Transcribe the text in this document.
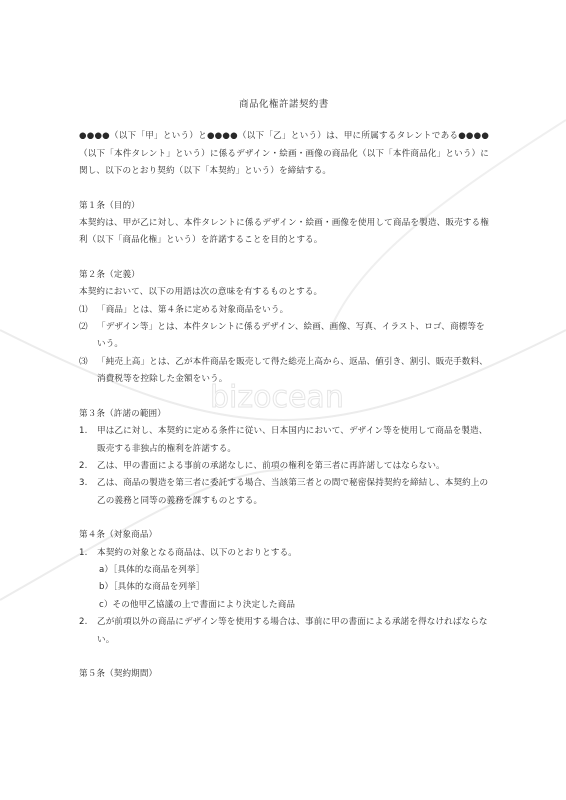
bizocean
商品化権許諾契約書

●●●●（以下「甲」という）と●●●●（以下「乙」という）は、甲に所属するタレントである●●●●（以下「本件タレント」という）に係るデザイン・絵画・画像の商品化（以下「本件商品化」という）に関し、以下のとおり契約（以下「本契約」という）を締結する。

第１条（目的）

本契約は、甲が乙に対し、本件タレントに係るデザイン・絵画・画像を使用して商品を製造、販売する権利（以下「商品化権」という）を許諾することを目的とする。

第２条（定義）

本契約において、以下の用語は次の意味を有するものとする。

⑴	「商品」とは、第４条に定める対象商品をいう。
⑵	「デザイン等」とは、本件タレントに係るデザイン、絵画、画像、写真、イラスト、ロゴ、商標等をいう。
⑶	「純売上高」とは、乙が本件商品を販売して得た総売上高から、返品、値引き、割引、販売手数料、消費税等を控除した金額をいう。
第３条（許諾の範囲）
1.	甲は乙に対し、本契約に定める条件に従い、日本国内において、デザイン等を使用して商品を製造、販売する非独占的権利を許諾する。
2.	乙は、甲の書面による事前の承諾なしに、前項の権利を第三者に再許諾してはならない。
3.	乙は、商品の製造を第三者に委託する場合、当該第三者との間で秘密保持契約を締結し、本契約上の乙の義務と同等の義務を課すものとする。
第４条（対象商品）
1.	本契約の対象となる商品は、以下のとおりとする。
a）［具体的な商品を列挙］
b）［具体的な商品を列挙］
c）その他甲乙協議の上で書面により決定した商品
2.	乙が前項以外の商品にデザイン等を使用する場合は、事前に甲の書面による承諾を得なければならない。
第５条（契約期間）
